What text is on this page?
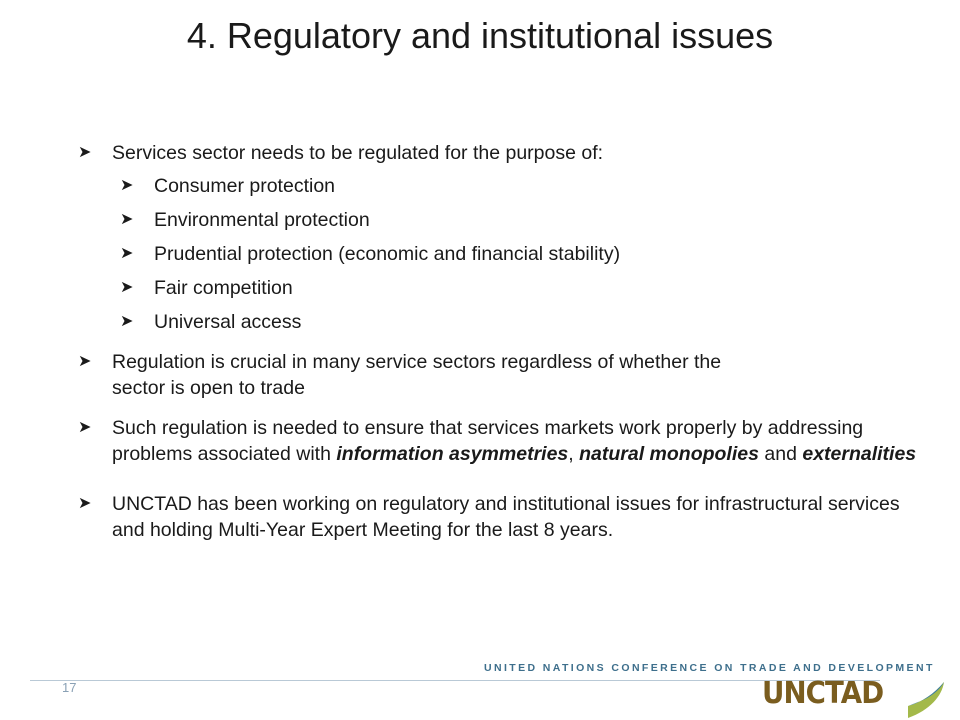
4. Regulatory and institutional issues
➤	Services sector needs to be regulated for the purpose of:
➤	Consumer protection
➤	Environmental protection
➤	Prudential protection (economic and financial stability)
➤	Fair competition
➤	Universal access
➤	Regulation is crucial in many service sectors regardless of whether the
sector is open to trade
➤	Such regulation is needed to ensure that services markets work properly by addressing problems associated with information asymmetries, natural monopolies and externalities
➤	UNCTAD has been working on regulatory and institutional issues for infrastructural services and holding Multi-Year Expert Meeting for the last 8 years.
UNITED NATIONS CONFERENCE ON TRADE AND DEVELOPMENT
17	UNCTAD
